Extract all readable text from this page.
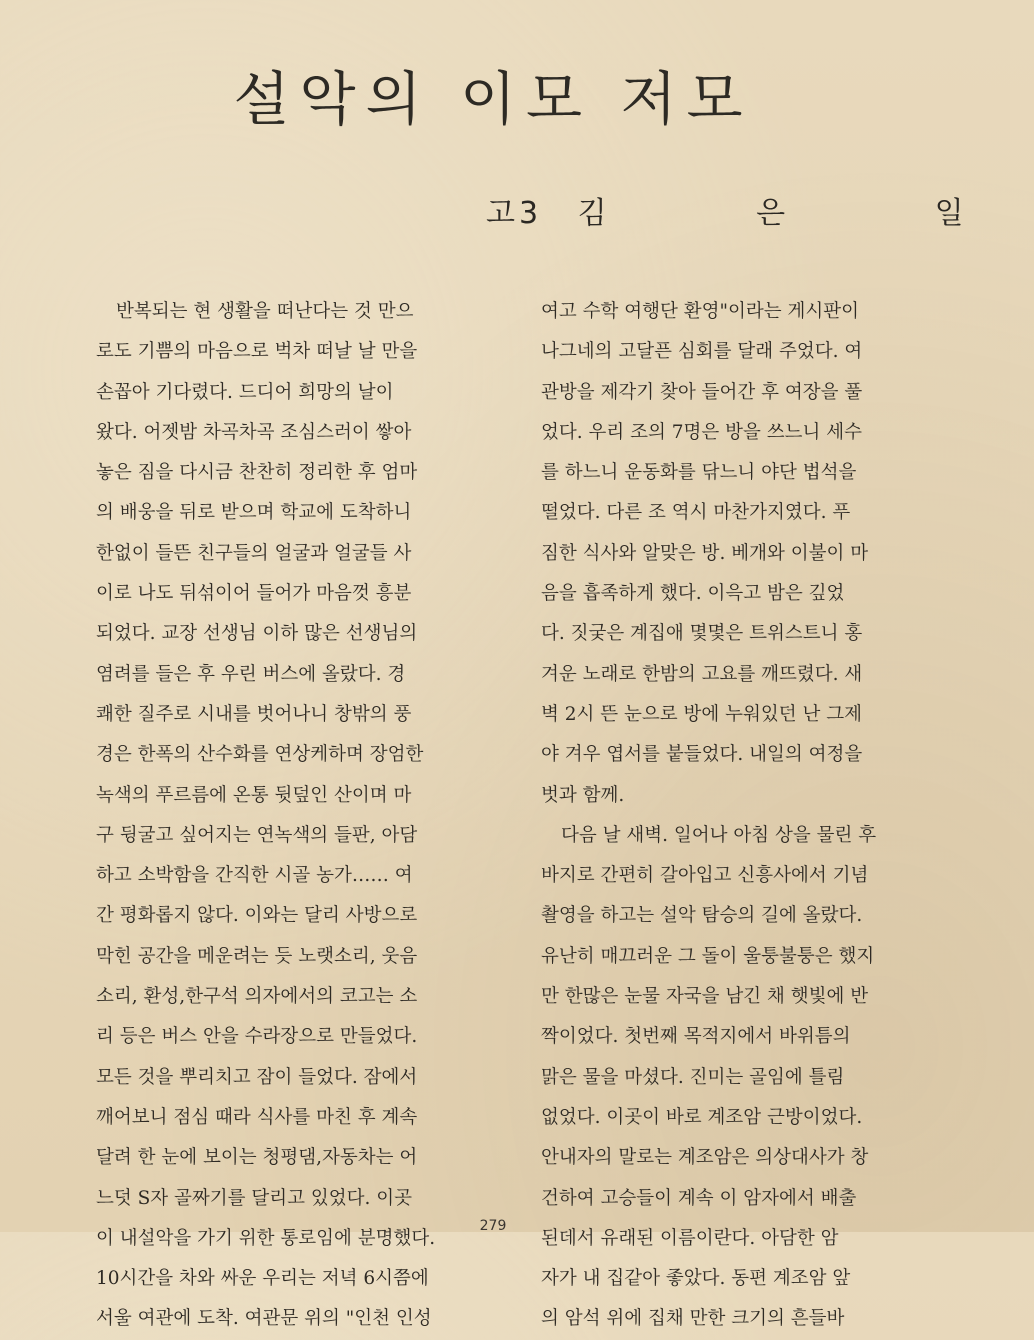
설악의 이모 저모
고3 김 은 일
반복되는 현 생활을 떠난다는 것 만으
로도 기쁨의 마음으로 벅차 떠날 날 만을
손꼽아 기다렸다. 드디어 희망의 날이
왔다. 어젯밤 차곡차곡 조심스러이 쌓아
놓은 짐을 다시금 찬찬히 정리한 후 엄마
의 배웅을 뒤로 받으며 학교에 도착하니
한없이 들뜬 친구들의 얼굴과 얼굴들 사
이로 나도 뒤섞이어 들어가 마음껏 흥분
되었다. 교장 선생님 이하 많은 선생님의
염려를 들은 후 우린 버스에 올랐다. 경
쾌한 질주로 시내를 벗어나니 창밖의 풍
경은 한폭의 산수화를 연상케하며 장엄한
녹색의 푸르름에 온통 뒷덮인 산이며 마
구 뒹굴고 싶어지는 연녹색의 들판, 아담
하고 소박함을 간직한 시골 농가…… 여
간 평화롭지 않다. 이와는 달리 사방으로
막힌 공간을 메운려는 듯 노랫소리, 웃음
소리, 환성,한구석 의자에서의 코고는 소
리 등은 버스 안을 수라장으로 만들었다.
모든 것을 뿌리치고 잠이 들었다. 잠에서
깨어보니 점심 때라 식사를 마친 후 계속
달려 한 눈에 보이는 청평댐,자동차는 어
느덧 S자 골짜기를 달리고 있었다. 이곳
이 내설악을 가기 위한 통로임에 분명했다.
10시간을 차와 싸운 우리는 저녁 6시쯤에
서울 여관에 도착. 여관문 위의 "인천 인성
여고 수학 여행단 환영"이라는 게시판이
나그네의 고달픈 심회를 달래 주었다. 여
관방을 제각기 찾아 들어간 후 여장을 풀
었다. 우리 조의 7명은 방을 쓰느니 세수
를 하느니 운동화를 닦느니 야단 법석을
떨었다. 다른 조 역시 마찬가지였다. 푸
짐한 식사와 알맞은 방. 베개와 이불이 마
음을 흡족하게 했다. 이윽고 밤은 깊었
다. 짓궂은 계집애 몇몇은 트위스트니 홍
겨운 노래로 한밤의 고요를 깨뜨렸다. 새
벽 2시 뜬 눈으로 방에 누워있던 난 그제
야 겨우 엽서를 붙들었다. 내일의 여정을
벗과 함께.
다음 날 새벽. 일어나 아침 상을 물린 후
바지로 간편히 갈아입고 신흥사에서 기념
촬영을 하고는 설악 탐승의 길에 올랐다.
유난히 매끄러운 그 돌이 울퉁불퉁은 했지
만 한많은 눈물 자국을 남긴 채 햇빛에 반
짝이었다. 첫번째 목적지에서 바위틈의
맑은 물을 마셨다. 진미는 골임에 틀림
없었다. 이곳이 바로 계조암 근방이었다.
안내자의 말로는 계조암은 의상대사가 창
건하여 고승들이 계속 이 암자에서 배출
된데서 유래된 이름이란다. 아담한 암
자가 내 집같아 좋았다. 동편 계조암 앞
의 암석 위에 집채 만한 크기의 흔들바
279
